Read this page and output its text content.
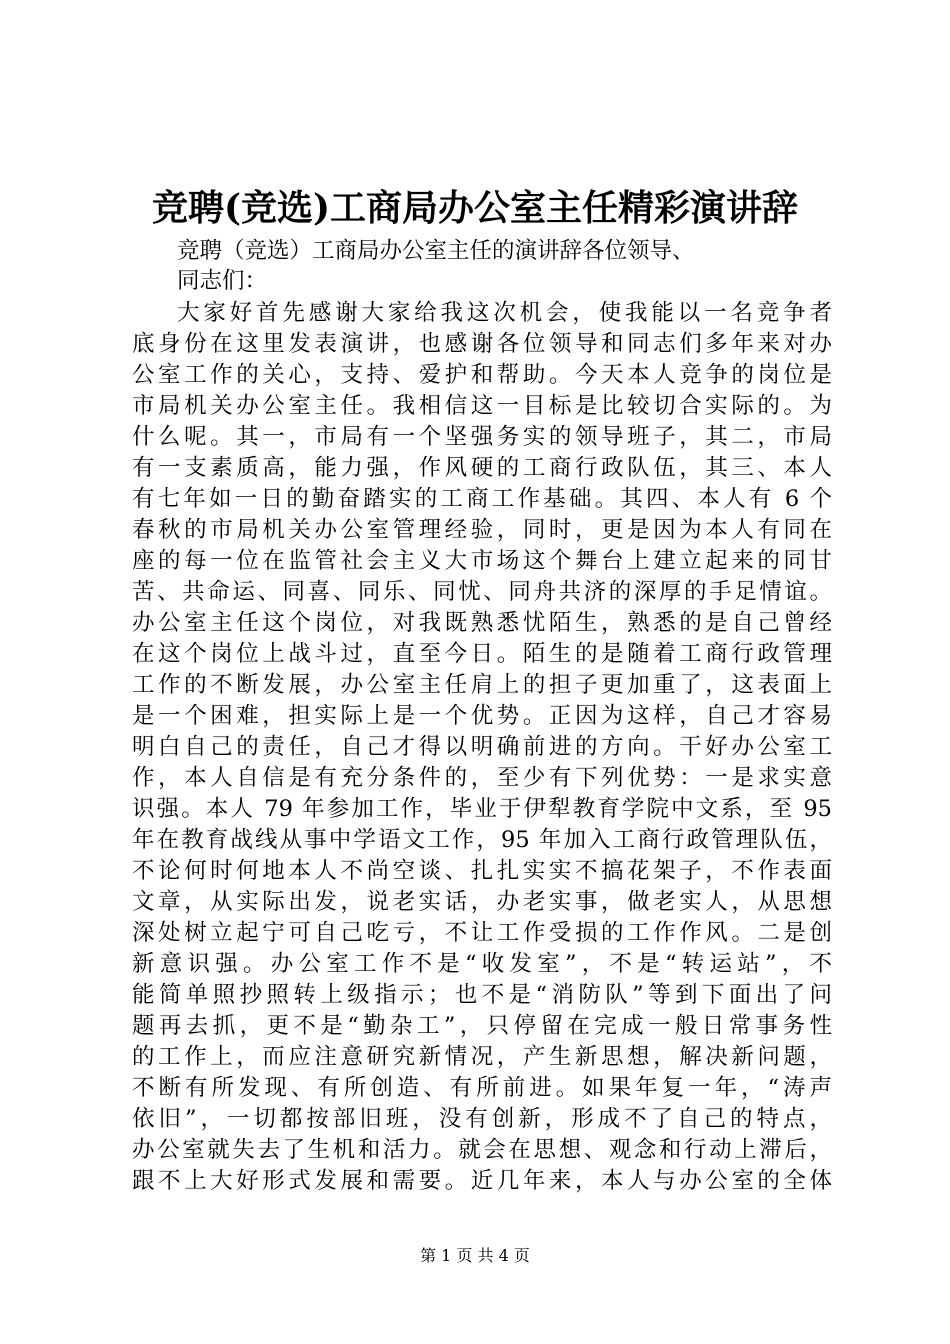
竞聘(竞选)工商局办公室主任精彩演讲辞
竞聘（竞选）工商局办公室主任的演讲辞各位领导、
同志们：
大家好首先感谢大家给我这次机会，使我能以一名竞争者
底身份在这里发表演讲，也感谢各位领导和同志们多年来对办
公室工作的关心，支持、爱护和帮助。今天本人竞争的岗位是
市局机关办公室主任。我相信这一目标是比较切合实际的。为
什么呢。其一，市局有一个坚强务实的领导班子，其二，市局
有一支素质高，能力强，作风硬的工商行政队伍，其三、本人
有七年如一日的勤奋踏实的工商工作基础。其四、本人有 6 个
春秋的市局机关办公室管理经验，同时，更是因为本人有同在
座的每一位在监管社会主义大市场这个舞台上建立起来的同甘
苦、共命运、同喜、同乐、同忧、同舟共济的深厚的手足情谊。
办公室主任这个岗位，对我既熟悉忧陌生，熟悉的是自己曾经
在这个岗位上战斗过，直至今日。陌生的是随着工商行政管理
工作的不断发展，办公室主任肩上的担子更加重了，这表面上
是一个困难，担实际上是一个优势。正因为这样，自己才容易
明白自己的责任，自己才得以明确前进的方向。干好办公室工
作，本人自信是有充分条件的，至少有下列优势：一是求实意
识强。本人 79 年参加工作，毕业于伊犁教育学院中文系，至 95
年在教育战线从事中学语文工作，95 年加入工商行政管理队伍，
不论何时何地本人不尚空谈、扎扎实实不搞花架子，不作表面
文章，从实际出发，说老实话，办老实事，做老实人，从思想
深处树立起宁可自己吃亏，不让工作受损的工作作风。二是创
新意识强。办公室工作不是“收发室”，不是“转运站”，不
能简单照抄照转上级指示；也不是“消防队”等到下面出了问
题再去抓，更不是“勤杂工”，只停留在完成一般日常事务性
的工作上，而应注意研究新情况，产生新思想，解决新问题，
不断有所发现、有所创造、有所前进。如果年复一年，“涛声
依旧”，一切都按部旧班，没有创新，形成不了自己的特点，
办公室就失去了生机和活力。就会在思想、观念和行动上滞后，
跟不上大好形式发展和需要。近几年来，本人与办公室的全体
第 1 页 共 4 页
